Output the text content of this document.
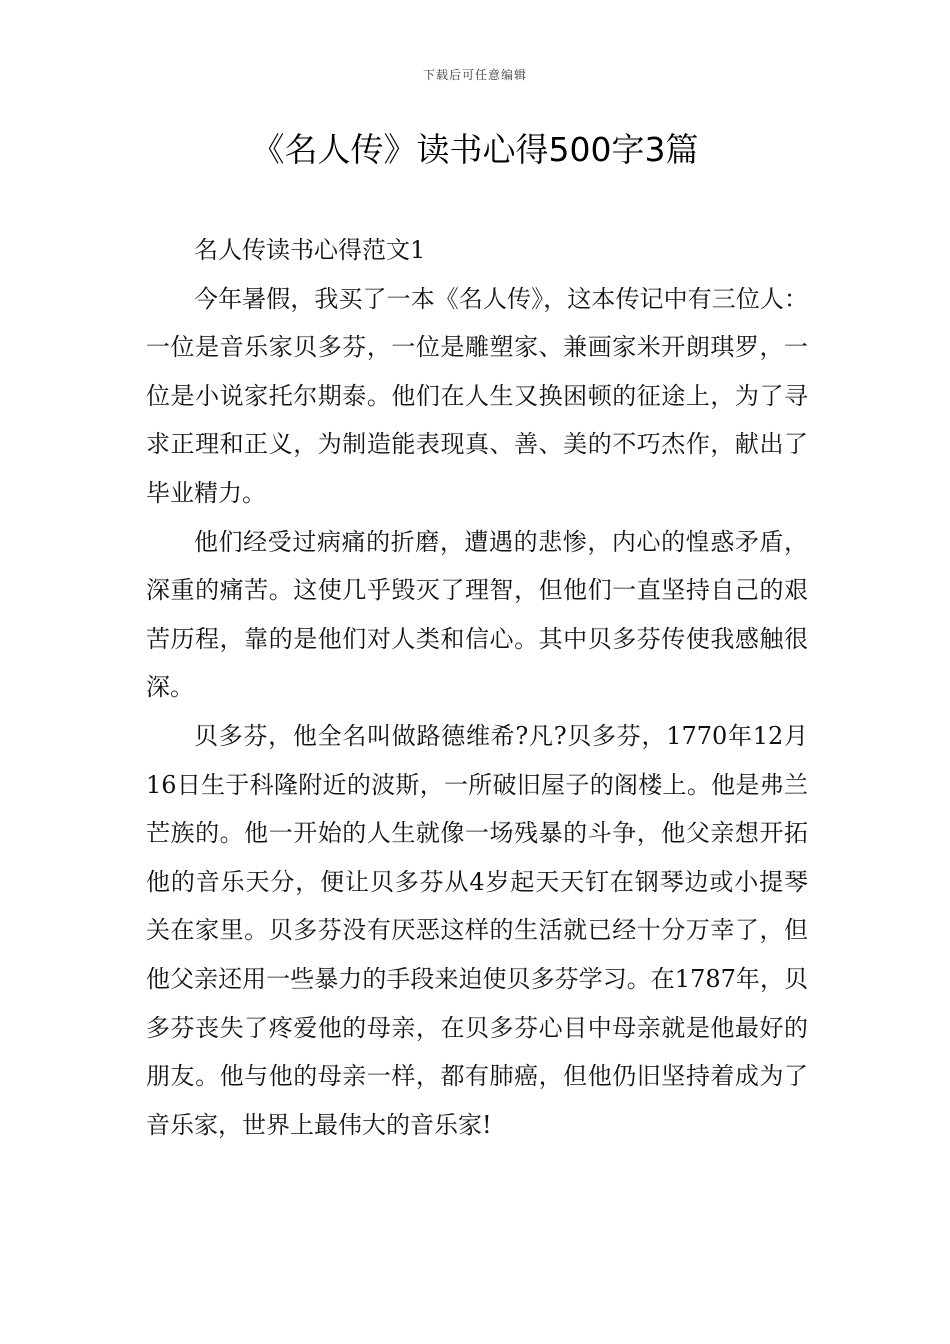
下载后可任意编辑
《名人传》读书心得500字3篇
名人传读书心得范文1

今年暑假，我买了一本《名人传》，这本传记中有三位人：一位是音乐家贝多芬，一位是雕塑家、兼画家米开朗琪罗，一位是小说家托尔期泰。他们在人生又换困顿的征途上，为了寻求正理和正义，为制造能表现真、善、美的不巧杰作，献出了毕业精力。

他们经受过病痛的折磨，遭遇的悲惨，内心的惶惑矛盾，深重的痛苦。这使几乎毁灭了理智，但他们一直坚持自己的艰苦历程，靠的是他们对人类和信心。其中贝多芬传使我感触很深。

贝多芬，他全名叫做路德维希?凡?贝多芬，1770年12月16日生于科隆附近的波斯，一所破旧屋子的阁楼上。他是弗兰芒族的。他一开始的人生就像一场残暴的斗争，他父亲想开拓他的音乐天分，便让贝多芬从4岁起天天钉在钢琴边或小提琴关在家里。贝多芬没有厌恶这样的生活就已经十分万幸了，但他父亲还用一些暴力的手段来迫使贝多芬学习。在1787年，贝多芬丧失了疼爱他的母亲，在贝多芬心目中母亲就是他最好的朋友。他与他的母亲一样，都有肺癌，但他仍旧坚持着成为了音乐家，世界上最伟大的音乐家!
